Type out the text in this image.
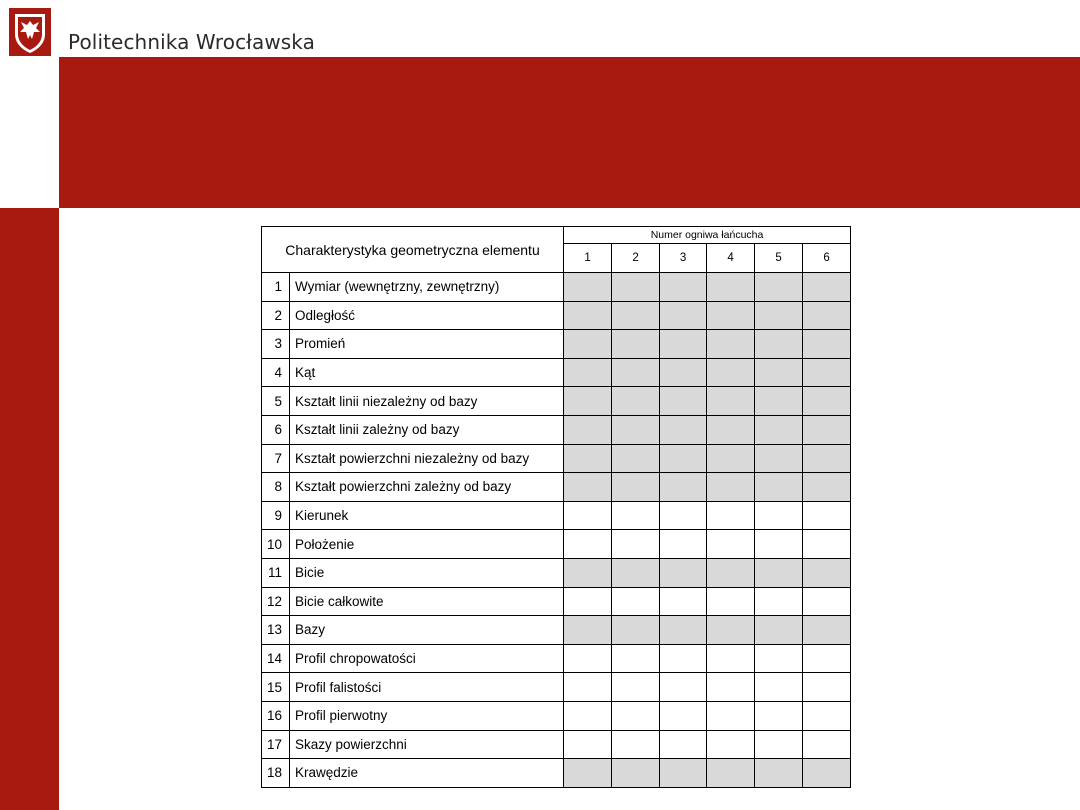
Politechnika Wrocławska
Charakterystyka geometryczna elementu		Numer ogniwa łańcucha					
		1	2	3	4	5	6
1	Wymiar (wewnętrzny, zewnętrzny)						
2	Odległość						
3	Promień						
4	Kąt						
5	Kształt linii niezależny od bazy						
6	Kształt linii zależny od bazy						
7	Kształt powierzchni niezależny od bazy						
8	Kształt powierzchni zależny od bazy						
9	Kierunek						
10	Położenie						
11	Bicie						
12	Bicie całkowite						
13	Bazy						
14	Profil chropowatości						
15	Profil falistości						
16	Profil pierwotny						
17	Skazy powierzchni						
18	Krawędzie						
